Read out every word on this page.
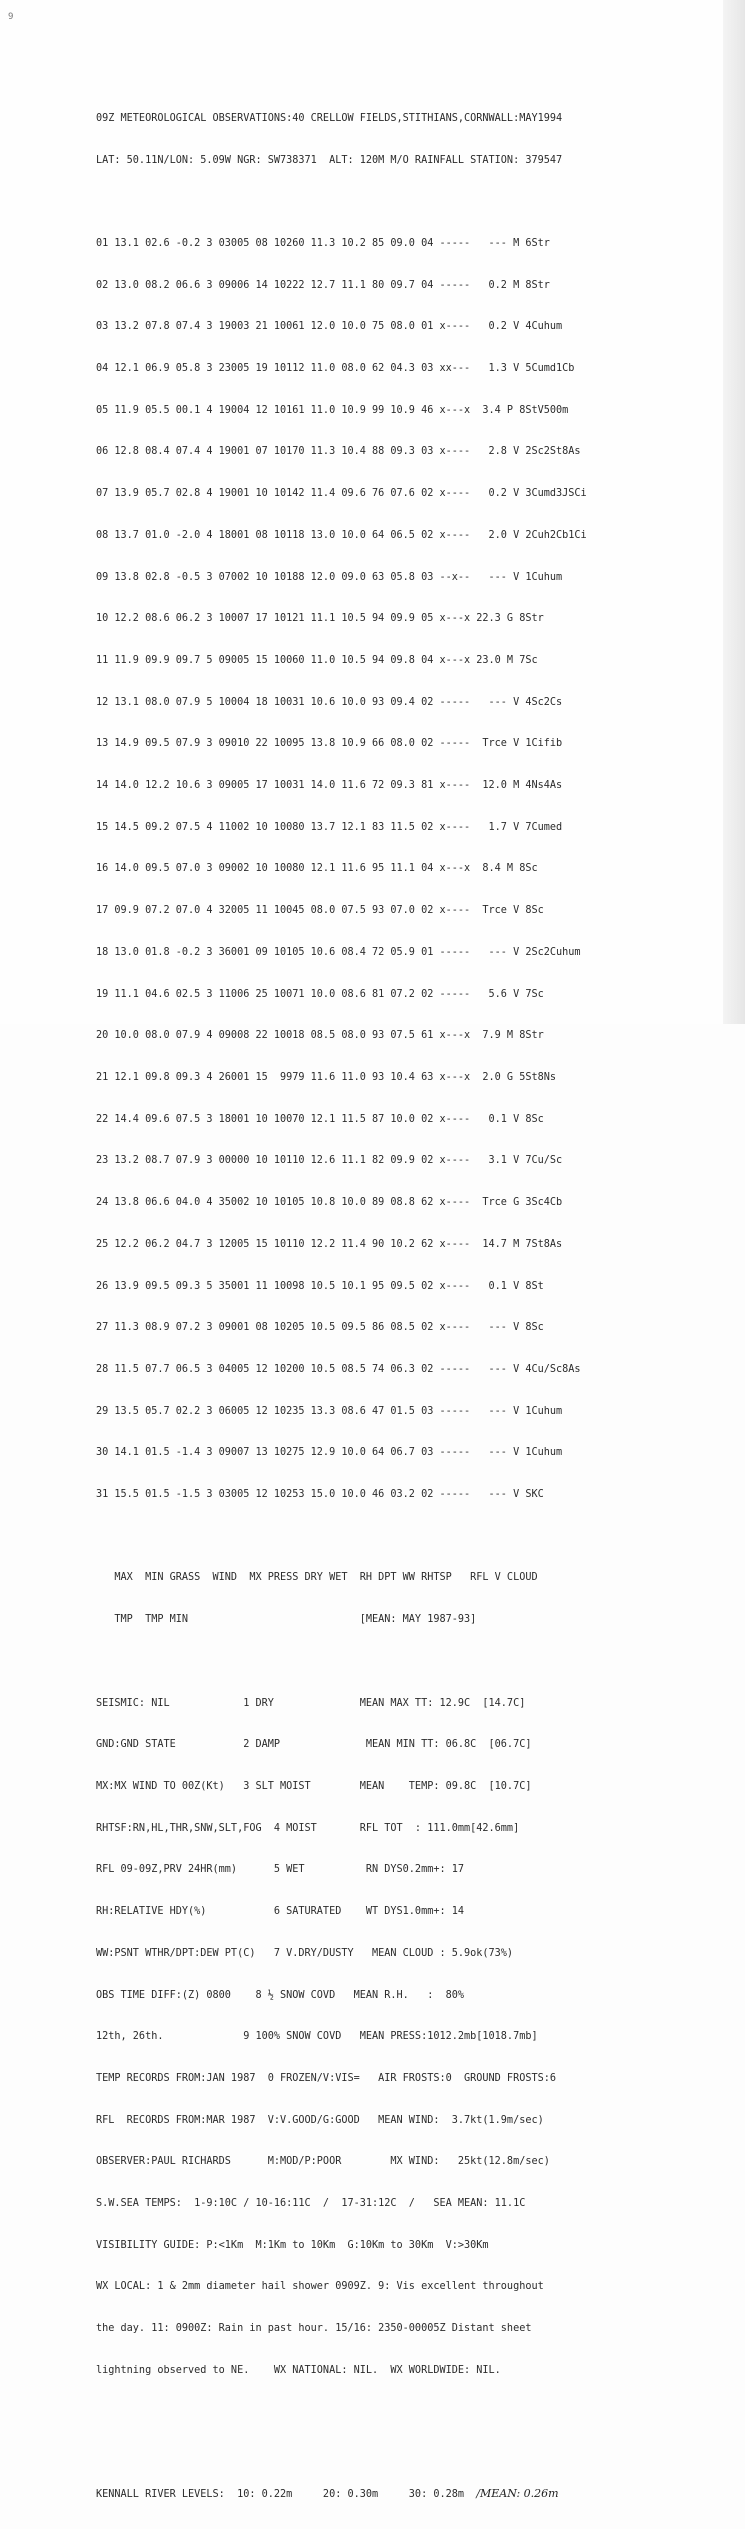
9

09Z METEOROLOGICAL OBSERVATIONS:40 CRELLOW FIELDS,STITHIANS,CORNWALL:MAY1994

LAT: 50.11N/LON: 5.09W NGR: SW738371  ALT: 120M M/O RAINFALL STATION: 379547

01 13.1 02.6 -0.2 3 03005 08 10260 11.3 10.2 85 09.0 04 -----   --- M 6Str

02 13.0 08.2 06.6 3 09006 14 10222 12.7 11.1 80 09.7 04 -----   0.2 M 8Str

03 13.2 07.8 07.4 3 19003 21 10061 12.0 10.0 75 08.0 01 x----   0.2 V 4Cuhum

04 12.1 06.9 05.8 3 23005 19 10112 11.0 08.0 62 04.3 03 xx---   1.3 V 5Cumd1Cb

05 11.9 05.5 00.1 4 19004 12 10161 11.0 10.9 99 10.9 46 x---x  3.4 P 8StV500m

06 12.8 08.4 07.4 4 19001 07 10170 11.3 10.4 88 09.3 03 x----   2.8 V 2Sc2St8As

07 13.9 05.7 02.8 4 19001 10 10142 11.4 09.6 76 07.6 02 x----   0.2 V 3Cumd3JSCi

08 13.7 01.0 -2.0 4 18001 08 10118 13.0 10.0 64 06.5 02 x----   2.0 V 2Cuh2Cb1Ci

09 13.8 02.8 -0.5 3 07002 10 10188 12.0 09.0 63 05.8 03 --x--   --- V 1Cuhum

10 12.2 08.6 06.2 3 10007 17 10121 11.1 10.5 94 09.9 05 x---x 22.3 G 8Str

11 11.9 09.9 09.7 5 09005 15 10060 11.0 10.5 94 09.8 04 x---x 23.0 M 7Sc

12 13.1 08.0 07.9 5 10004 18 10031 10.6 10.0 93 09.4 02 -----   --- V 4Sc2Cs

13 14.9 09.5 07.9 3 09010 22 10095 13.8 10.9 66 08.0 02 -----  Trce V 1Cifib

14 14.0 12.2 10.6 3 09005 17 10031 14.0 11.6 72 09.3 81 x----  12.0 M 4Ns4As

15 14.5 09.2 07.5 4 11002 10 10080 13.7 12.1 83 11.5 02 x----   1.7 V 7Cumed

16 14.0 09.5 07.0 3 09002 10 10080 12.1 11.6 95 11.1 04 x---x  8.4 M 8Sc

17 09.9 07.2 07.0 4 32005 11 10045 08.0 07.5 93 07.0 02 x----  Trce V 8Sc

18 13.0 01.8 -0.2 3 36001 09 10105 10.6 08.4 72 05.9 01 -----   --- V 2Sc2Cuhum

19 11.1 04.6 02.5 3 11006 25 10071 10.0 08.6 81 07.2 02 -----   5.6 V 7Sc

20 10.0 08.0 07.9 4 09008 22 10018 08.5 08.0 93 07.5 61 x---x  7.9 M 8Str

21 12.1 09.8 09.3 4 26001 15  9979 11.6 11.0 93 10.4 63 x---x  2.0 G 5St8Ns

22 14.4 09.6 07.5 3 18001 10 10070 12.1 11.5 87 10.0 02 x----   0.1 V 8Sc

23 13.2 08.7 07.9 3 00000 10 10110 12.6 11.1 82 09.9 02 x----   3.1 V 7Cu/Sc

24 13.8 06.6 04.0 4 35002 10 10105 10.8 10.0 89 08.8 62 x----  Trce G 3Sc4Cb

25 12.2 06.2 04.7 3 12005 15 10110 12.2 11.4 90 10.2 62 x----  14.7 M 7St8As

26 13.9 09.5 09.3 5 35001 11 10098 10.5 10.1 95 09.5 02 x----   0.1 V 8St

27 11.3 08.9 07.2 3 09001 08 10205 10.5 09.5 86 08.5 02 x----   --- V 8Sc

28 11.5 07.7 06.5 3 04005 12 10200 10.5 08.5 74 06.3 02 -----   --- V 4Cu/Sc8As

29 13.5 05.7 02.2 3 06005 12 10235 13.3 08.6 47 01.5 03 -----   --- V 1Cuhum

30 14.1 01.5 -1.4 3 09007 13 10275 12.9 10.0 64 06.7 03 -----   --- V 1Cuhum

31 15.5 01.5 -1.5 3 03005 12 10253 15.0 10.0 46 03.2 02 -----   --- V SKC

MAX  MIN GRASS  WIND  MX PRESS DRY WET  RH DPT WW RHTSP   RFL V CLOUD

TMP  TMP MIN                            [MEAN: MAY 1987-93]

SEISMIC: NIL            1 DRY              MEAN MAX TT: 12.9C  [14.7C]

GND:GND STATE           2 DAMP              MEAN MIN TT: 06.8C  [06.7C]

MX:MX WIND TO 00Z(Kt)   3 SLT MOIST        MEAN    TEMP: 09.8C  [10.7C]

RHTSF:RN,HL,THR,SNW,SLT,FOG  4 MOIST       RFL TOT  : 111.0mm[42.6mm]

RFL 09-09Z,PRV 24HR(mm)      5 WET          RN DYS0.2mm+: 17

RH:RELATIVE HDY(%)           6 SATURATED    WT DYS1.0mm+: 14

WW:PSNT WTHR/DPT:DEW PT(C)   7 V.DRY/DUSTY   MEAN CLOUD : 5.9ok(73%)

OBS TIME DIFF:(Z) 0800    8 ½ SNOW COVD   MEAN R.H.   :  80%

12th, 26th.             9 100% SNOW COVD   MEAN PRESS:1012.2mb[1018.7mb]

TEMP RECORDS FROM:JAN 1987  0 FROZEN/V:VIS=   AIR FROSTS:0  GROUND FROSTS:6

RFL  RECORDS FROM:MAR 1987  V:V.GOOD/G:GOOD   MEAN WIND:  3.7kt(1.9m/sec)

OBSERVER:PAUL RICHARDS      M:MOD/P:POOR        MX WIND:   25kt(12.8m/sec)

S.W.SEA TEMPS:  1-9:10C / 10-16:11C  /  17-31:12C  /   SEA MEAN: 11.1C

VISIBILITY GUIDE: P:<1Km  M:1Km to 10Km  G:10Km to 30Km  V:>30Km

WX LOCAL: 1 & 2mm diameter hail shower 0909Z. 9: Vis excellent throughout

the day. 11: 0900Z: Rain in past hour. 15/16: 2350-00005Z Distant sheet

lightning observed to NE.    WX NATIONAL: NIL.  WX WORLDWIDE: NIL.

KENNALL RIVER LEVELS:  10: 0.22m     20: 0.30m     30: 0.28m  /MEAN: 0.26m
